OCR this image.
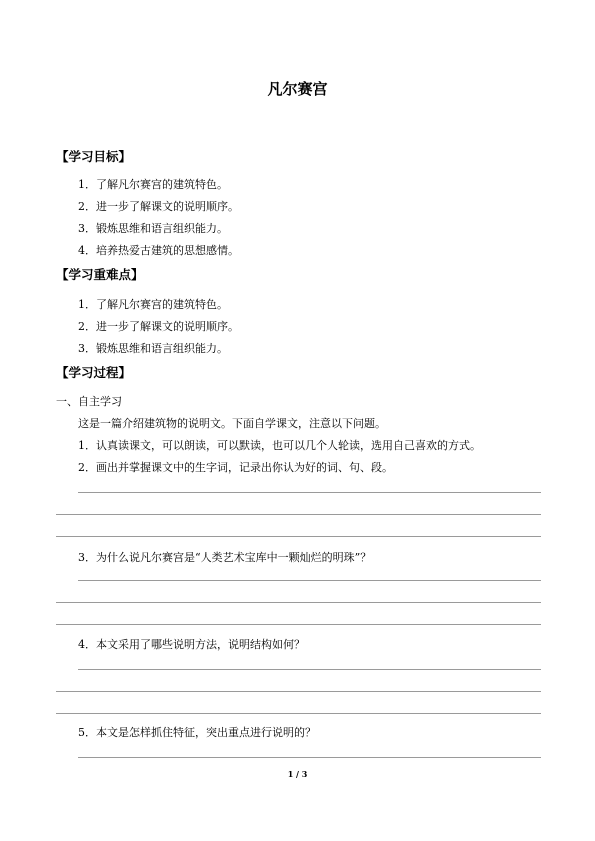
凡尔赛宫
【学习目标】
1．了解凡尔赛宫的建筑特色。
2．进一步了解课文的说明顺序。
3．锻炼思维和语言组织能力。
4．培养热爱古建筑的思想感情。
【学习重难点】
1．了解凡尔赛宫的建筑特色。
2．进一步了解课文的说明顺序。
3．锻炼思维和语言组织能力。
【学习过程】
一、自主学习
这是一篇介绍建筑物的说明文。下面自学课文，注意以下问题。
1．认真读课文，可以朗读，可以默读，也可以几个人轮读，选用自己喜欢的方式。
2．画出并掌握课文中的生字词，记录出你认为好的词、句、段。
3．为什么说凡尔赛宫是“人类艺术宝库中一颗灿烂的明珠”？
4．本文采用了哪些说明方法，说明结构如何？
5．本文是怎样抓住特征，突出重点进行说明的？
1 / 3
